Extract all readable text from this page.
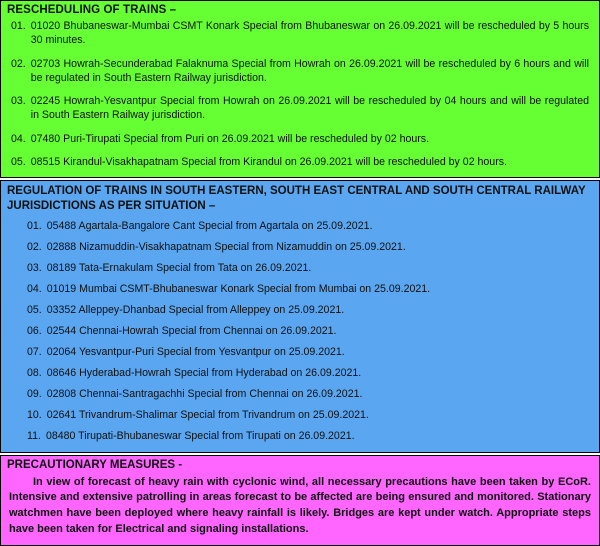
RESCHEDULING OF TRAINS –
01. 01020 Bhubaneswar-Mumbai CSMT Konark Special from Bhubaneswar on 26.09.2021 will be rescheduled by 5 hours 30 minutes.
02. 02703 Howrah-Secunderabad Falaknuma Special from Howrah on 26.09.2021 will be rescheduled by 6 hours and will be regulated in South Eastern Railway jurisdiction.
03. 02245 Howrah-Yesvantpur Special from Howrah on 26.09.2021 will be rescheduled by 04 hours and will be regulated in South Eastern Railway jurisdiction.
04. 07480 Puri-Tirupati Special from Puri on 26.09.2021 will be rescheduled by 02 hours.
05. 08515 Kirandul-Visakhapatnam Special from Kirandul on 26.09.2021 will be rescheduled by 02 hours.
REGULATION OF TRAINS IN SOUTH EASTERN, SOUTH EAST CENTRAL AND SOUTH CENTRAL RAILWAY JURISDICTIONS AS PER SITUATION –
01. 05488 Agartala-Bangalore Cant Special from Agartala on 25.09.2021.
02. 02888 Nizamuddin-Visakhapatnam Special from Nizamuddin on 25.09.2021.
03. 08189 Tata-Ernakulam Special from Tata on 26.09.2021.
04. 01019 Mumbai CSMT-Bhubaneswar Konark Special from Mumbai on 25.09.2021.
05. 03352 Alleppey-Dhanbad Special from Alleppey on 25.09.2021.
06. 02544 Chennai-Howrah Special from Chennai on 26.09.2021.
07. 02064 Yesvantpur-Puri Special from Yesvantpur on 25.09.2021.
08. 08646 Hyderabad-Howrah Special from Hyderabad on 26.09.2021.
09. 02808 Chennai-Santragachhi Special from Chennai on 26.09.2021.
10. 02641 Trivandrum-Shalimar Special from Trivandrum on 25.09.2021.
11. 08480 Tirupati-Bhubaneswar Special from Tirupati on 26.09.2021.
PRECAUTIONARY MEASURES -

In view of forecast of heavy rain with cyclonic wind, all necessary precautions have been taken by ECoR. Intensive and extensive patrolling in areas forecast to be affected are being ensured and monitored. Stationary watchmen have been deployed where heavy rainfall is likely. Bridges are kept under watch. Appropriate steps have been taken for Electrical and signaling installations.
